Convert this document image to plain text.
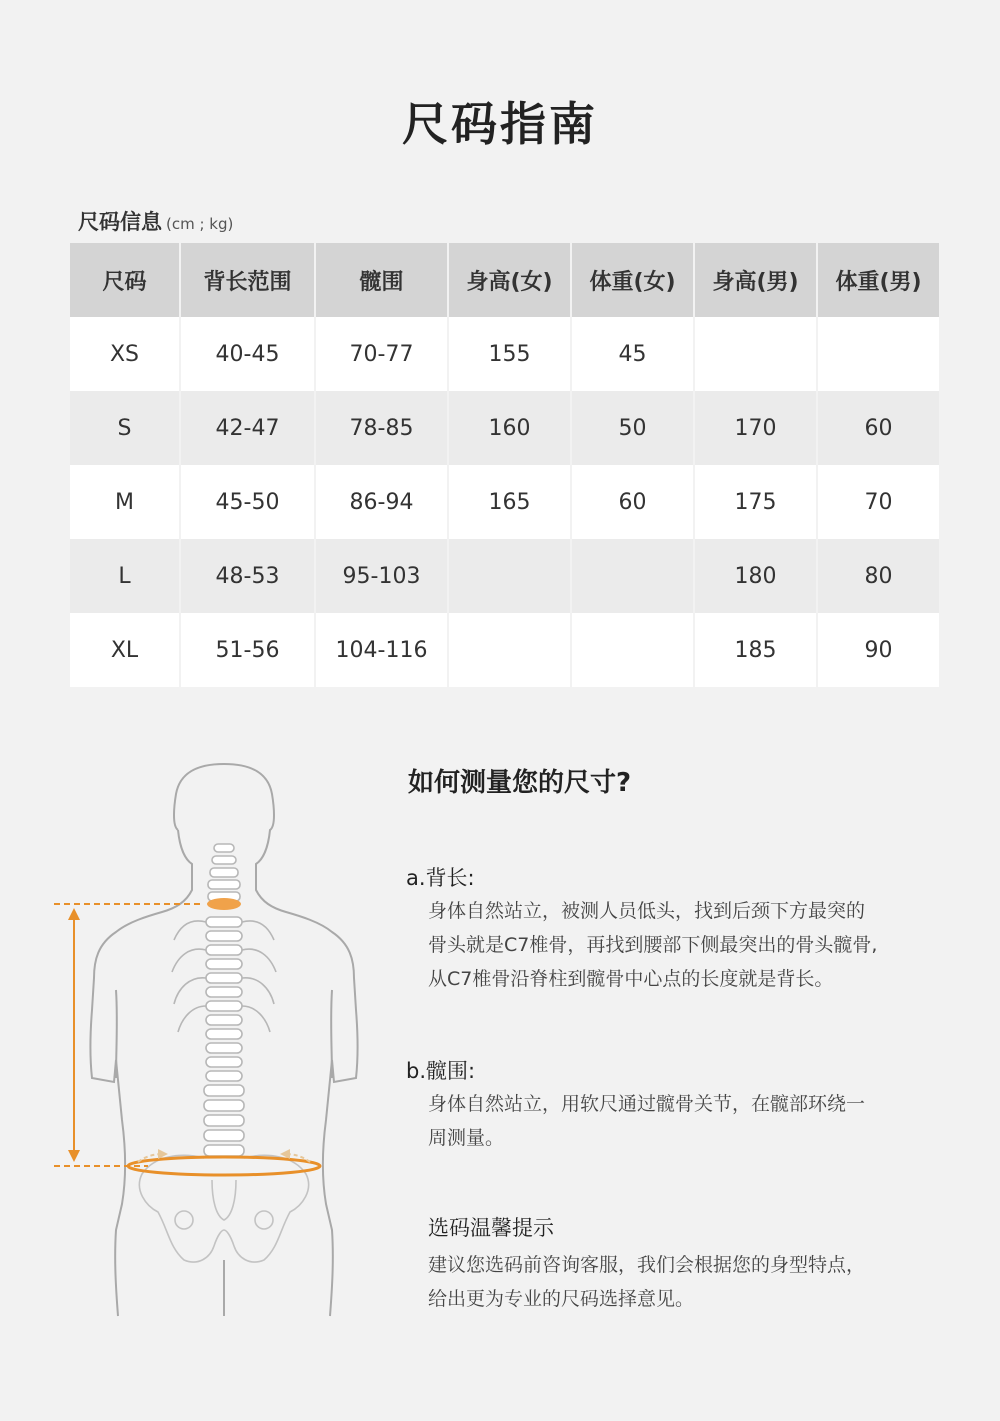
尺码指南
尺码信息 (cm ; kg)
尺码	背长范围	髋围	身高(女)	体重(女)	身高(男)	体重(男)
XS	40-45	70-77	155	45		
S	42-47	78-85	160	50	170	60
M	45-50	86-94	165	60	175	70
L	48-53	95-103			180	80
XL	51-56	104-116			185	90
如何测量您的尺寸?
a.背长:
身体自然站立，被测人员低头，找到后颈下方最突的
骨头就是C7椎骨，再找到腰部下侧最突出的骨头髋骨,
从C7椎骨沿脊柱到髋骨中心点的长度就是背长。
b.髋围:
身体自然站立，用软尺通过髋骨关节，在髋部环绕一
周测量。
选码温馨提示
建议您选码前咨询客服，我们会根据您的身型特点，
给出更为专业的尺码选择意见。
